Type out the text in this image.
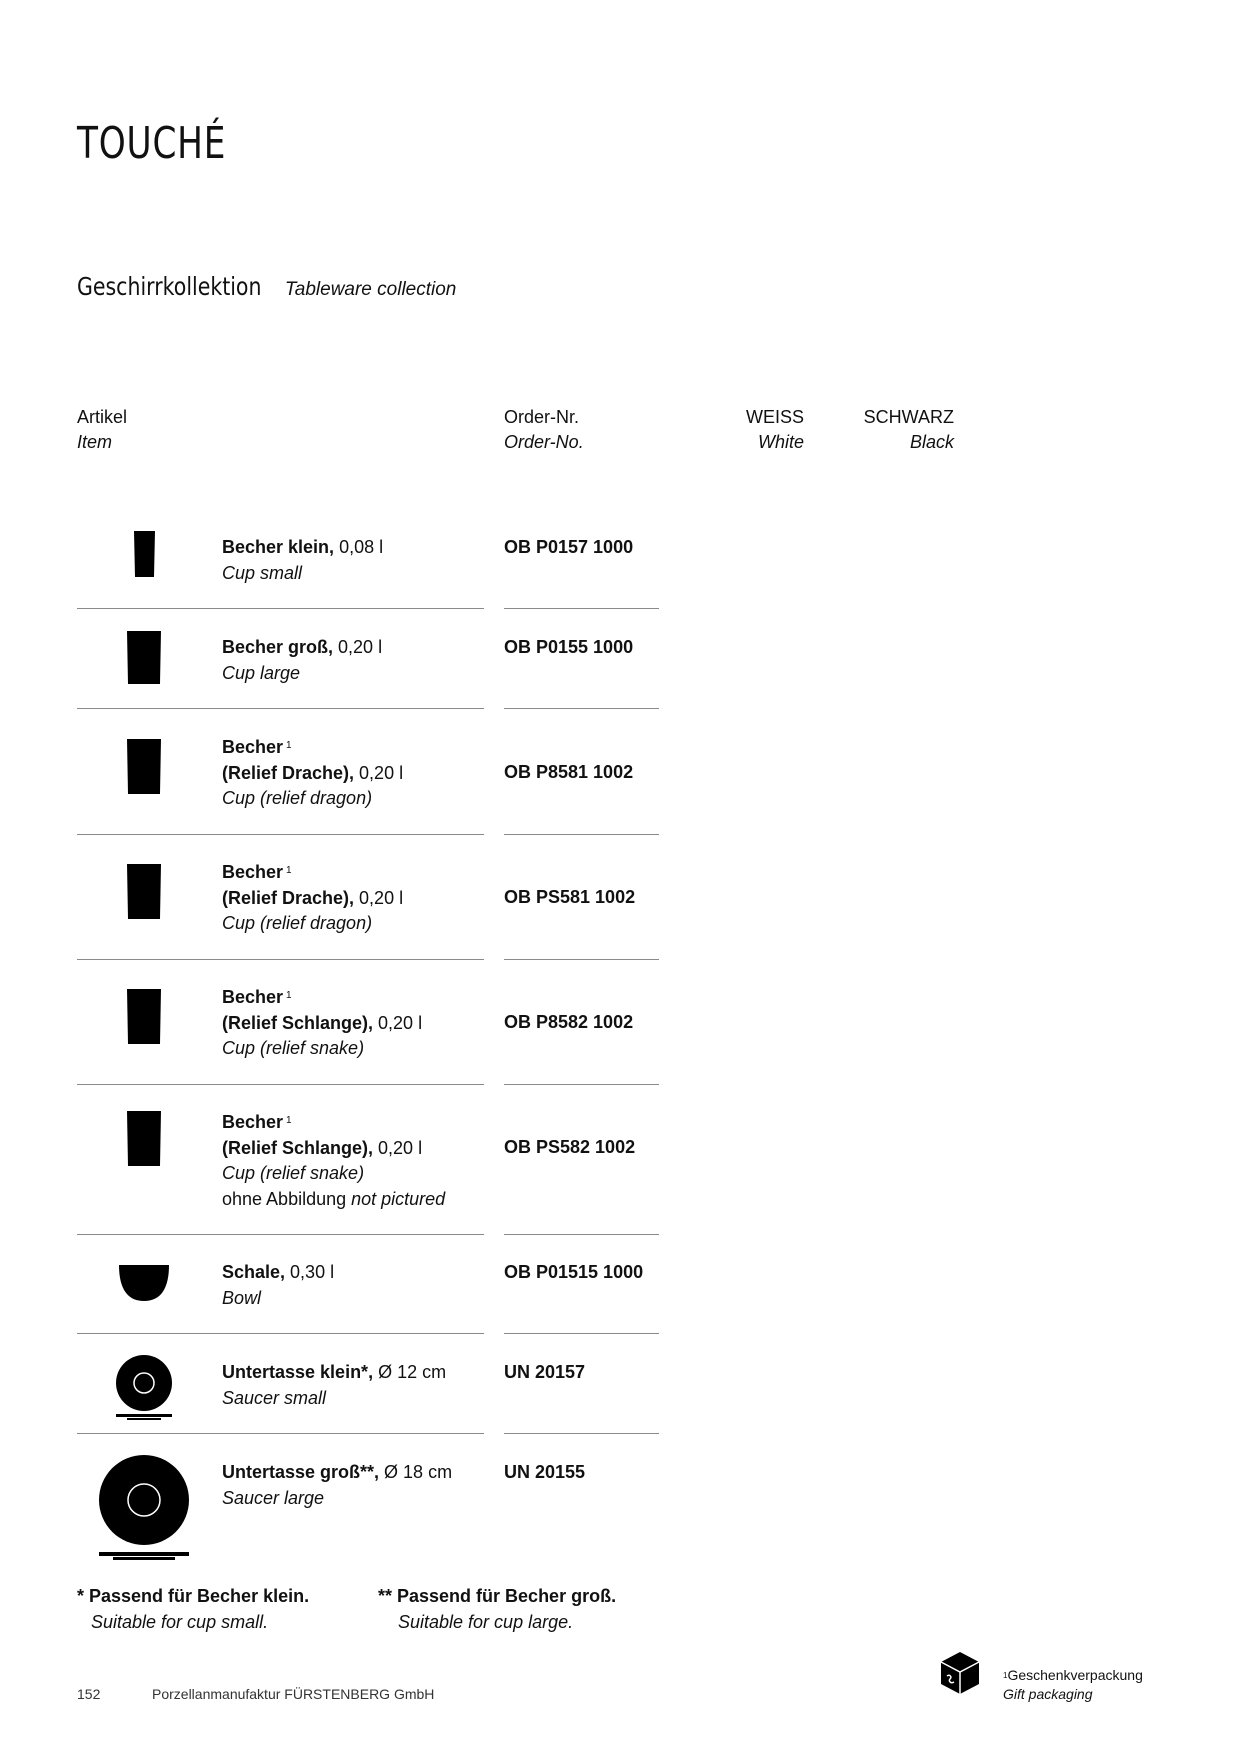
TOUCHÉ
Geschirrkollektion Tableware collection
Artikel
Item
Order-Nr.
Order-No.
WEISS
White
SCHWARZ
Black
Becher klein, 0,08 l
Cup small
OB P0157 1000
Becher groß, 0,20 l
Cup large
OB P0155 1000
Becher $^1$
(Relief Drache), 0,20 l
Cup (relief dragon)
OB P8581 1002
Becher $^1$
(Relief Drache), 0,20 l
Cup (relief dragon)
OB PS581 1002
Becher $^1$
(Relief Schlange), 0,20 l
Cup (relief snake)
OB P8582 1002
Becher $^1$
(Relief Schlange), 0,20 l
Cup (relief snake)
ohne Abbildung not pictured
OB PS582 1002
Schale, 0,30 l
Bowl
OB P01515 1000
Untertasse klein*, Ø 12 cm
Saucer small
UN 20157
Untertasse groß**, Ø 18 cm
Saucer large
UN 20155
* Passend für Becher klein.
Suitable for cup small.
** Passend für Becher groß.
Suitable for cup large.
152	Porzellanmanufaktur FÜRSTENBERG GmbH
$^1$Geschenkverpackung
Gift packaging
